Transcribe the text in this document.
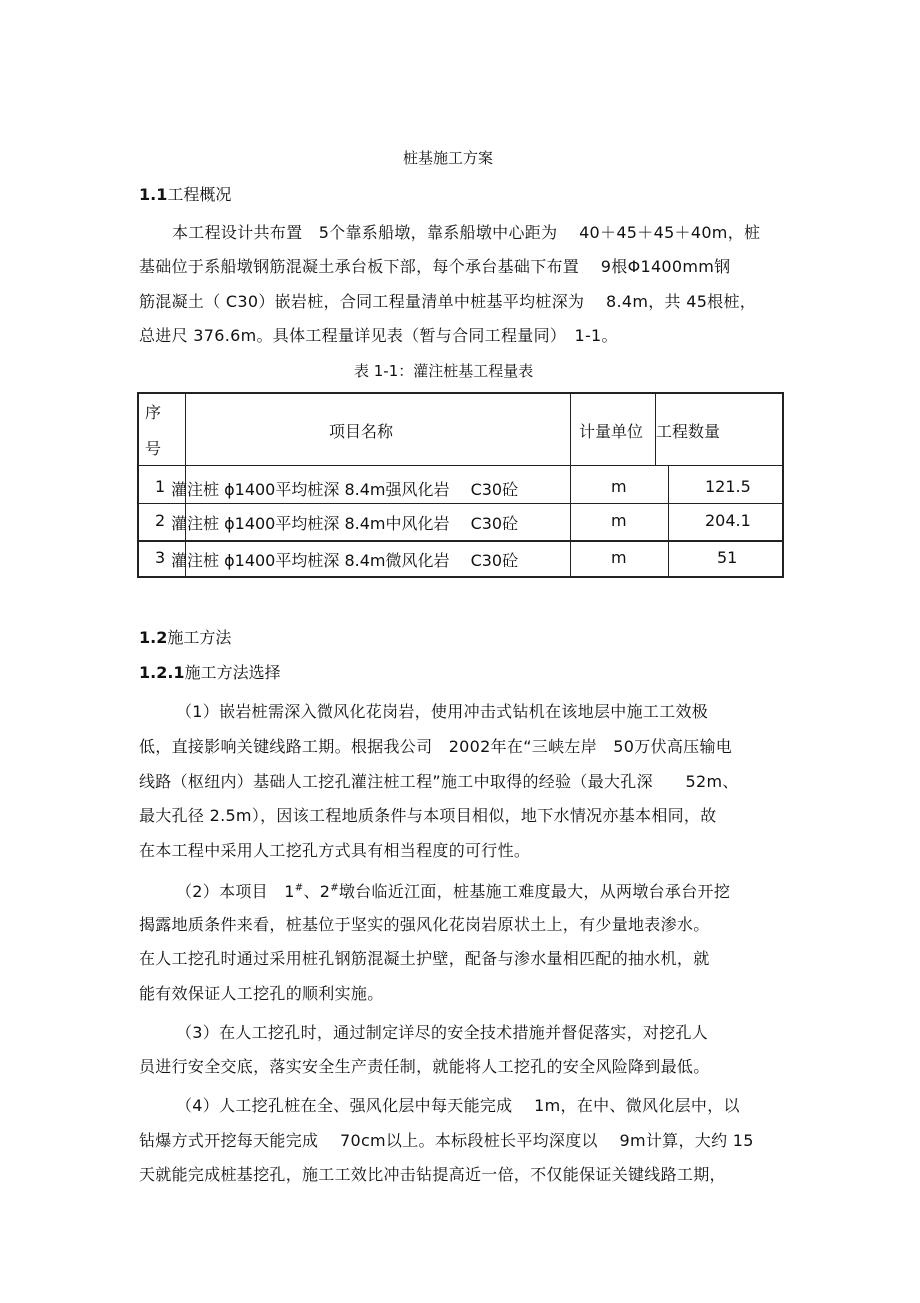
桩基施工方案
1.1工程概况
本工程设计共布置　5个靠系船墩，靠系船墩中心距为　 40＋45＋45＋40m，桩
基础位于系船墩钢筋混凝土承台板下部，每个承台基础下布置　 9根Φ1400mm钢
筋混凝土（ C30）嵌岩桩，合同工程量清单中桩基平均桩深为　 8.4m，共 45根桩，
总进尺 376.6m。具体工程量详见表（暂与合同工程量同）　1-1。
表 1-1：灌注桩基工程量表
序
号
项目名称	计量单位 工程数量
1 灌注桩 ϕ1400平均桩深 8.4m强风化岩　 C30砼	m	121.5
2 灌注桩 ϕ1400平均桩深 8.4m中风化岩　 C30砼	m	204.1
3 灌注桩 ϕ1400平均桩深 8.4m微风化岩　 C30砼	m	51
1.2施工方法
1.2.1施工方法选择
（1）嵌岩桩需深入微风化花岗岩，使用冲击式钻机在该地层中施工工效极
低，直接影响关键线路工期。根据我公司　2002年在“三峡左岸　50万伏高压输电
线路（枢纽内）基础人工挖孔灌注桩工程”施工中取得的经验（最大孔深　　52m、
最大孔径 2.5m），因该工程地质条件与本项目相似，地下水情况亦基本相同，故
在本工程中采用人工挖孔方式具有相当程度的可行性。
（2）本项目　1#、2#墩台临近江面，桩基施工难度最大，从两墩台承台开挖
揭露地质条件来看，桩基位于坚实的强风化花岗岩原状土上，有少量地表渗水。
在人工挖孔时通过采用桩孔钢筋混凝土护壁，配备与渗水量相匹配的抽水机，就
能有效保证人工挖孔的顺利实施。
（3）在人工挖孔时，通过制定详尽的安全技术措施并督促落实，对挖孔人
员进行安全交底，落实安全生产责任制，就能将人工挖孔的安全风险降到最低。
（4）人工挖孔桩在全、强风化层中每天能完成　 1m，在中、微风化层中，以
钻爆方式开挖每天能完成　 70cm以上。本标段桩长平均深度以　 9m计算，大约 15
天就能完成桩基挖孔，施工工效比冲击钻提高近一倍，不仅能保证关键线路工期，
